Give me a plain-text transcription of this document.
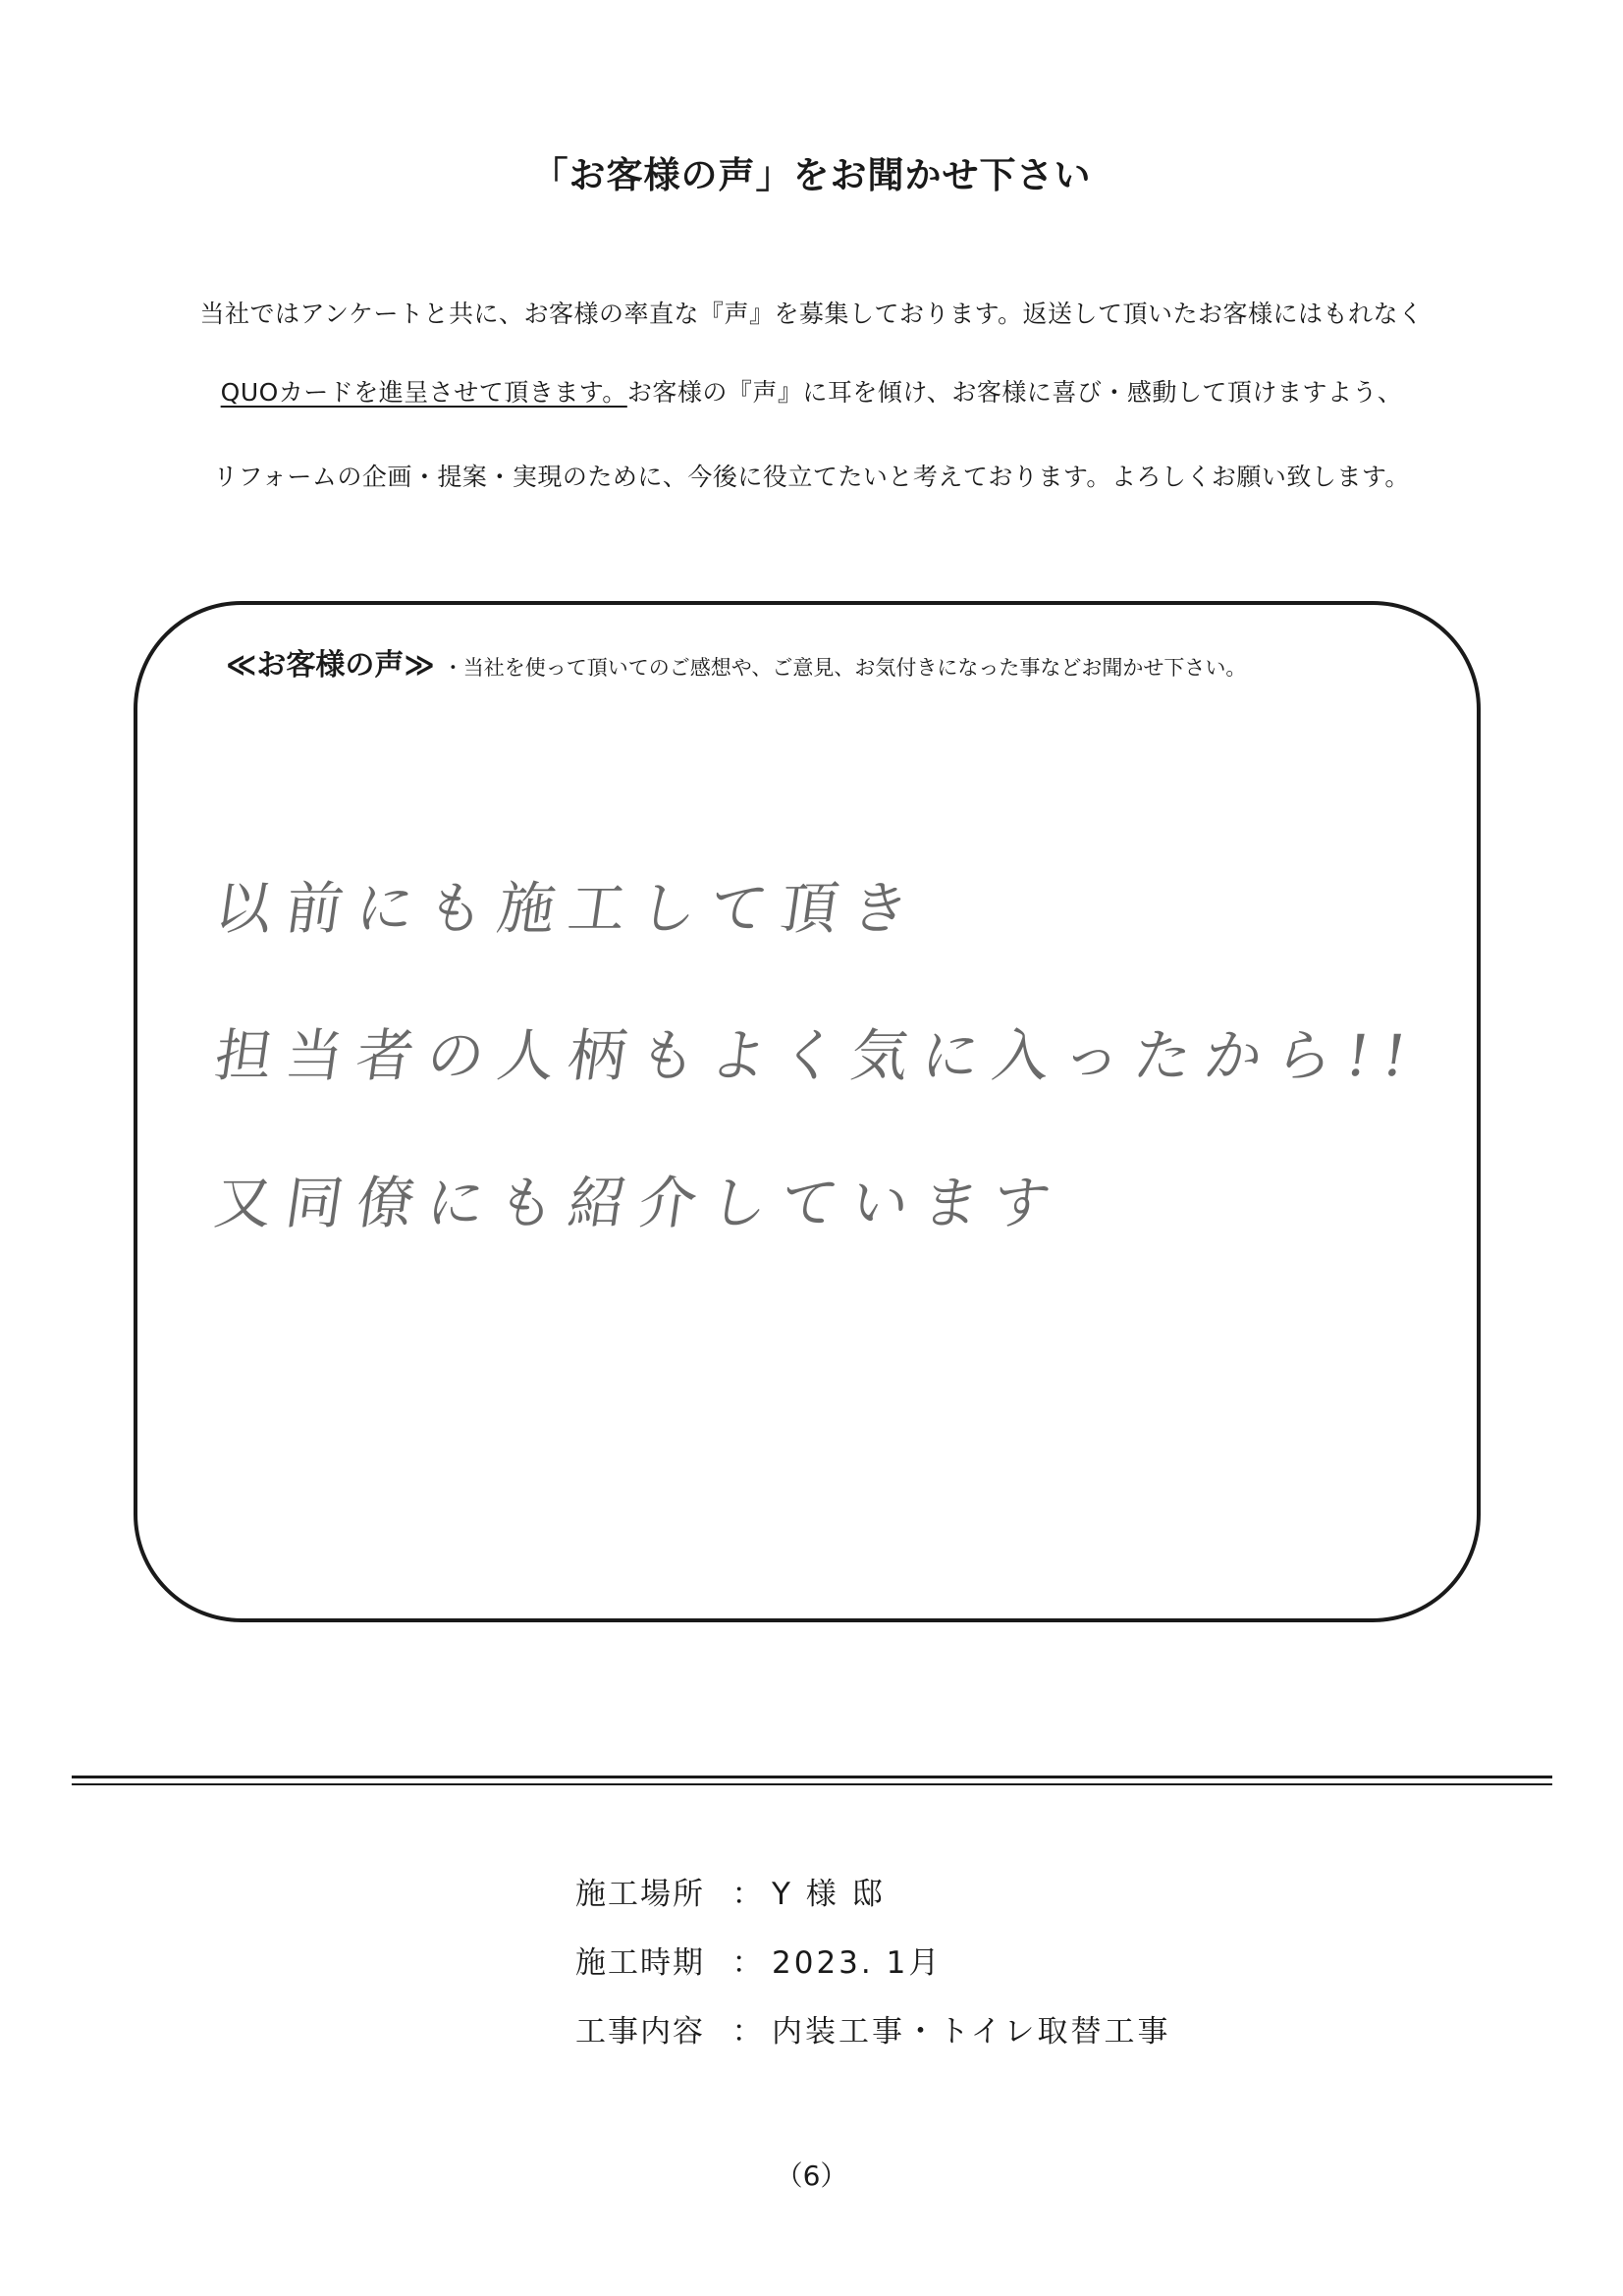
「お客様の声」をお聞かせ下さい
当社ではアンケートと共に、お客様の率直な『声』を募集しております。返送して頂いたお客様にはもれなく
QUOカードを進呈させて頂きます。お客様の『声』に耳を傾け、お客様に喜び・感動して頂けますよう、
リフォームの企画・提案・実現のために、今後に役立てたいと考えております。よろしくお願い致します。
≪お客様の声≫ ・当社を使って頂いてのご感想や、ご意見、お気付きになった事などお聞かせ下さい。
以前にも施工して頂き
担当者の人柄もよく気に入ったから!!
又同僚にも紹介しています
施工場所 ： Y 様 邸
施工時期 ： 2023. 1月
工事内容 ： 内装工事・トイレ取替工事
（6）
